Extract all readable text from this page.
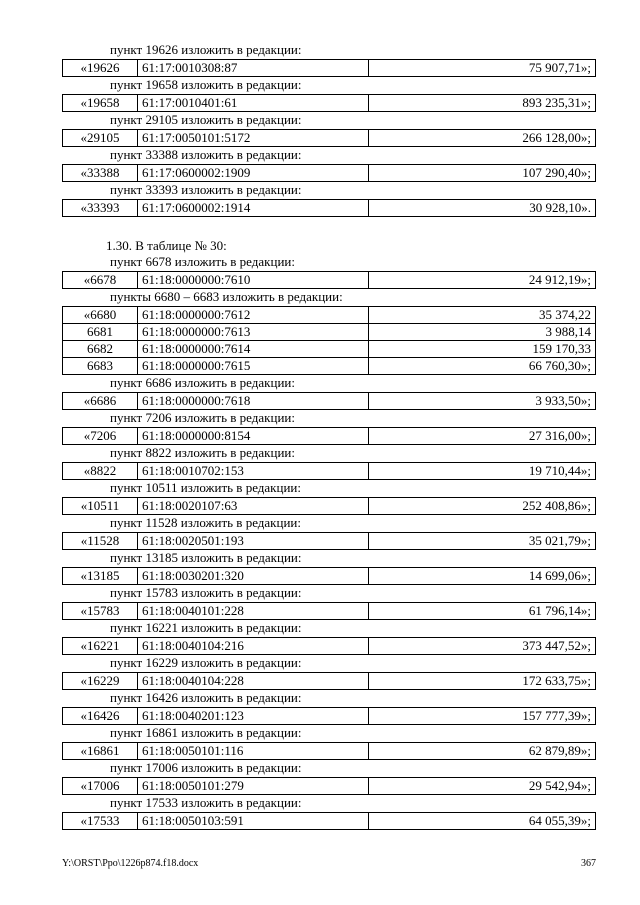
пункт 19626 изложить в редакции:
«19626	61:17:0010308:87	75 907,71»;
пункт 19658 изложить в редакции:
«19658	61:17:0010401:61	893 235,31»;
пункт 29105 изложить в редакции:
«29105	61:17:0050101:5172	266 128,00»;
пункт 33388 изложить в редакции:
«33388	61:17:0600002:1909	107 290,40»;
пункт 33393 изложить в редакции:
«33393	61:17:0600002:1914	30 928,10».
1.30. В таблице № 30:
пункт 6678 изложить в редакции:
«6678	61:18:0000000:7610	24 912,19»;
пункты 6680 – 6683 изложить в редакции:
«6680	61:18:0000000:7612	35 374,22
6681	61:18:0000000:7613	3 988,14
6682	61:18:0000000:7614	159 170,33
6683	61:18:0000000:7615	66 760,30»;
пункт 6686 изложить в редакции:
«6686	61:18:0000000:7618	3 933,50»;
пункт 7206 изложить в редакции:
«7206	61:18:0000000:8154	27 316,00»;
пункт 8822 изложить в редакции:
«8822	61:18:0010702:153	19 710,44»;
пункт 10511 изложить в редакции:
«10511	61:18:0020107:63	252 408,86»;
пункт 11528 изложить в редакции:
«11528	61:18:0020501:193	35 021,79»;
пункт 13185 изложить в редакции:
«13185	61:18:0030201:320	14 699,06»;
пункт 15783 изложить в редакции:
«15783	61:18:0040101:228	61 796,14»;
пункт 16221 изложить в редакции:
«16221	61:18:0040104:216	373 447,52»;
пункт 16229 изложить в редакции:
«16229	61:18:0040104:228	172 633,75»;
пункт 16426 изложить в редакции:
«16426	61:18:0040201:123	157 777,39»;
пункт 16861 изложить в редакции:
«16861	61:18:0050101:116	62 879,89»;
пункт 17006 изложить в редакции:
«17006	61:18:0050101:279	29 542,94»;
пункт 17533 изложить в редакции:
«17533	61:18:0050103:591	64 055,39»;
Y:\ORST\Ppo\1226p874.f18.docx	367
